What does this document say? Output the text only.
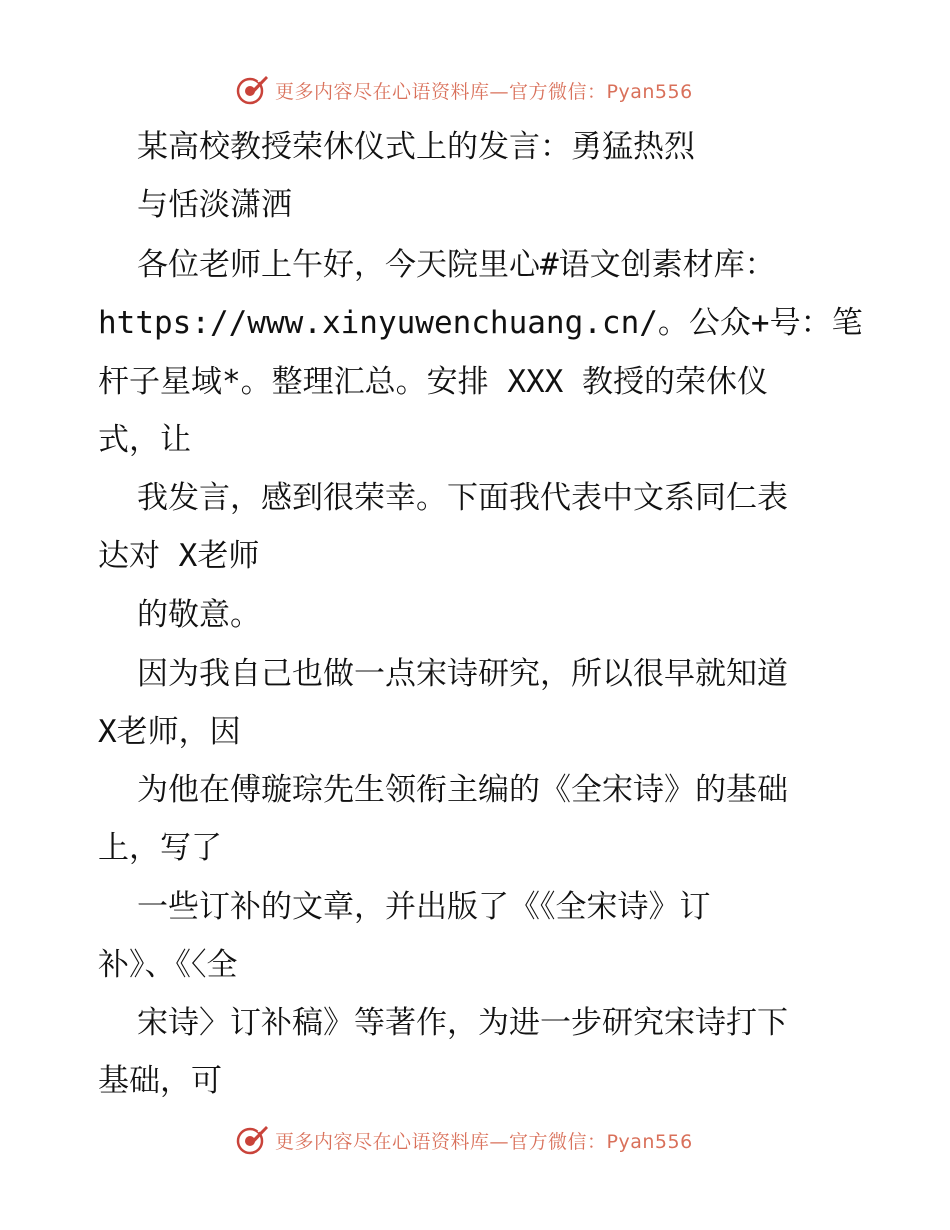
更多内容尽在心语资料库—官方微信：Pyan556
某高校教授荣休仪式上的发言：勇猛热烈
与恬淡潇洒
各位老师上午好，今天院里心#语文创素材库：
https://www.xinyuwenchuang.cn/。公众+号：笔
杆子星域*。整理汇总。安排 XXX 教授的荣休仪
式，让
我发言，感到很荣幸。下面我代表中文系同仁表
达对 X老师
的敬意。
因为我自己也做一点宋诗研究，所以很早就知道
X老师，因
为他在傅璇琮先生领衔主编的《全宋诗》的基础
上，写了
一些订补的文章，并出版了《《全宋诗》订
补》、《〈全
宋诗〉订补稿》等著作，为进一步研究宋诗打下
基础，可
更多内容尽在心语资料库—官方微信：Pyan556
